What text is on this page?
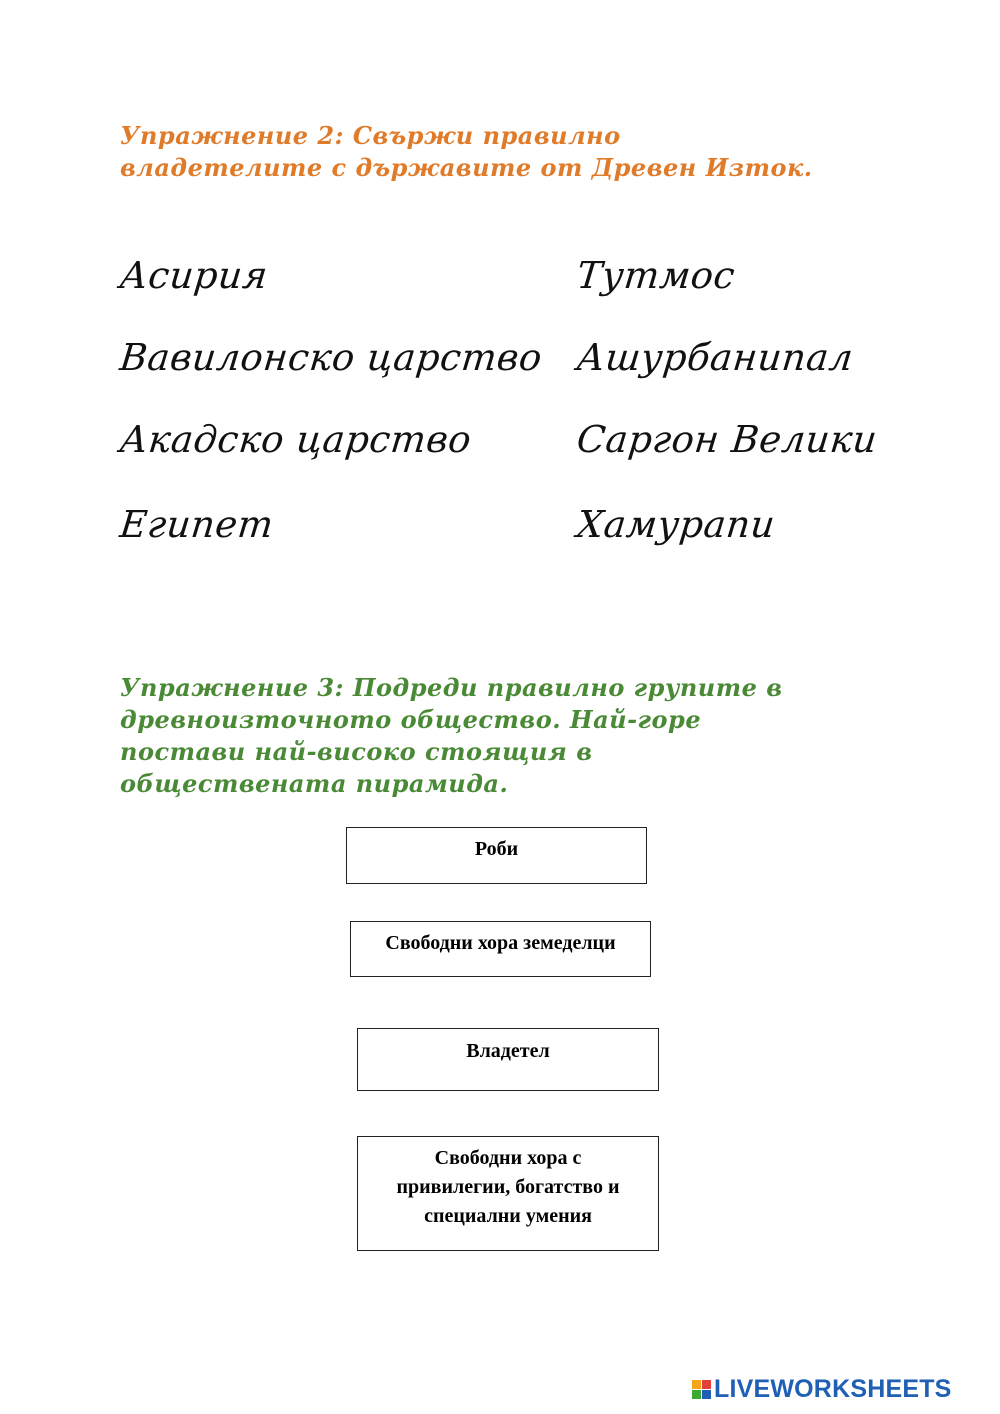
Упражнение 2: Свържи правилно владетелите с държавите от Древен Изток.
Асирия
Вавилонско царство
Акадско царство
Египет
Тутмос
Ашурбанипал
Саргон Велики
Хамурапи
Упражнение 3: Подреди правилно групите в древноизточното общество. Най-горе постави най-високо стоящия в обществената пирамида.
Роби
Свободни хора земеделци
Владетел
Свободни хора с
привилегии, богатство и
специални умения
LIVEWORKSHEETS
